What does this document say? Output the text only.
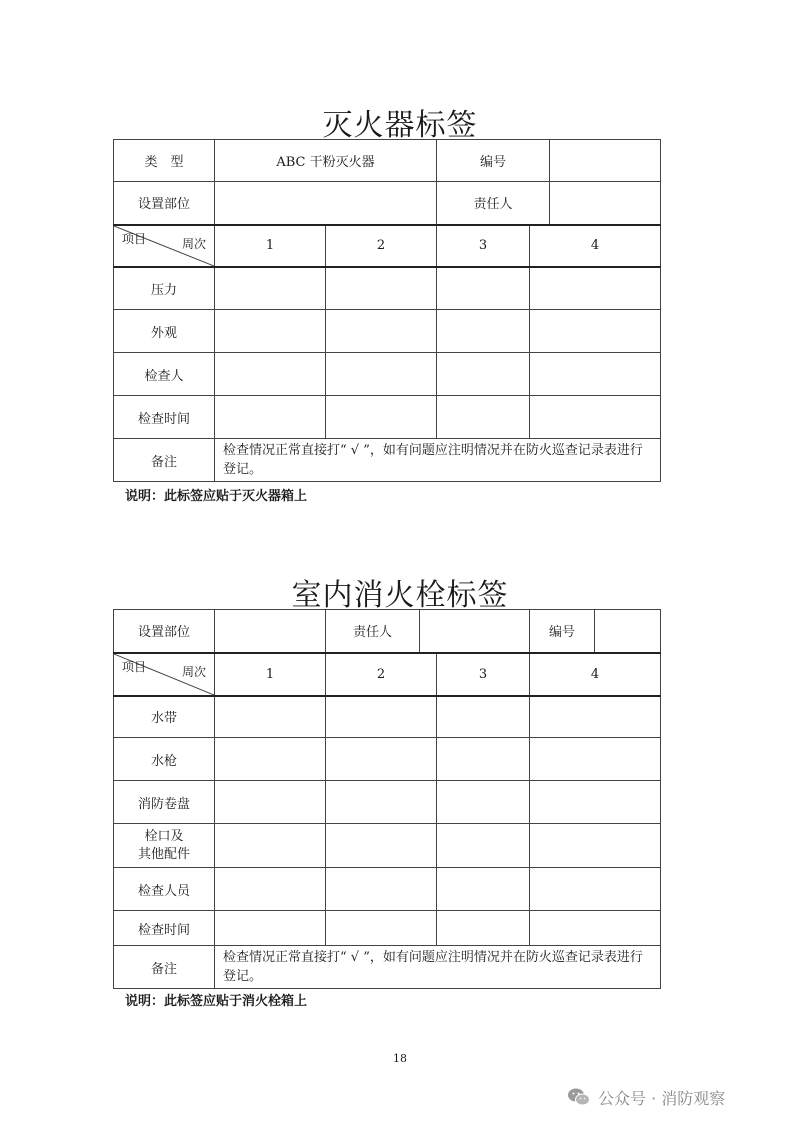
灭火器标签
类　型	ABC 干粉灭火器		编号		
设置部位			责任人		

项目 周次	1	2	3	4	
压力					
外观					
检查人					
检查时间					
备注	检查情况正常直接打“ √ ”，如有问题应注明情况并在防火巡查记录表进行登记。				
说明：此标签应贴于灭火器箱上
室内消火栓标签
设置部位		责任人			编号	

项目 周次	1	2		3	4	
水带						
水枪						
消防卷盘						
栓口及
其他配件						
检查人员						
检查时间						
备注	检查情况正常直接打“ √ ”，如有问题应注明情况并在防火巡查记录表进行登记。					
说明：此标签应贴于消火栓箱上
18
公众号 · 消防观察
